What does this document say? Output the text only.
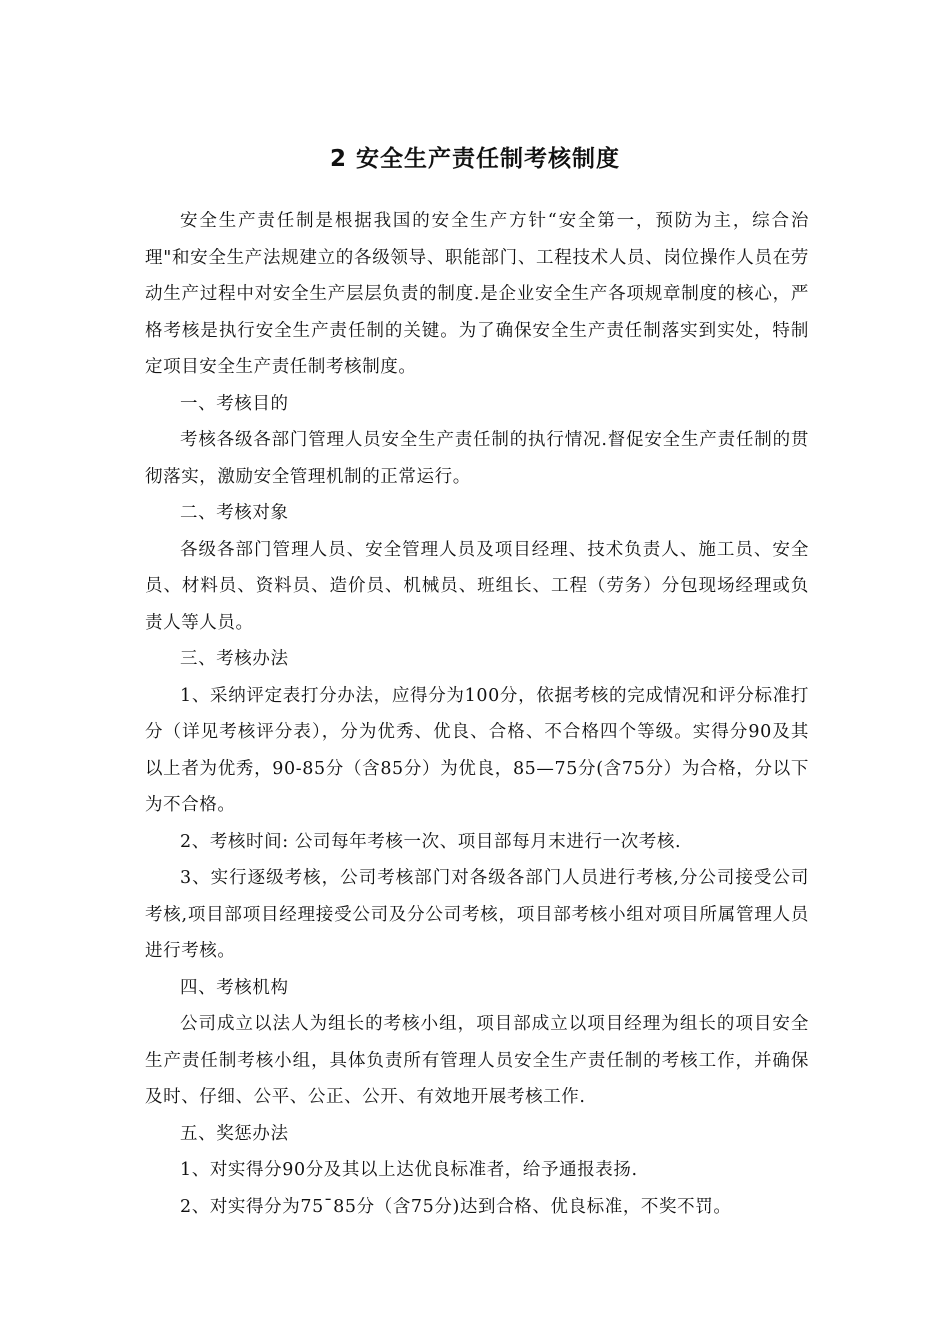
2 安全生产责任制考核制度

安全生产责任制是根据我国的安全生产方针“安全第一，预防为主，综合治理"和安全生产法规建立的各级领导、职能部门、工程技术人员、岗位操作人员在劳动生产过程中对安全生产层层负责的制度.是企业安全生产各项规章制度的核心，严格考核是执行安全生产责任制的关键。为了确保安全生产责任制落实到实处，特制定项目安全生产责任制考核制度。

一、考核目的

考核各级各部门管理人员安全生产责任制的执行情况.督促安全生产责任制的贯彻落实，激励安全管理机制的正常运行。

二、考核对象

各级各部门管理人员、安全管理人员及项目经理、技术负责人、施工员、安全员、材料员、资料员、造价员、机械员、班组长、工程（劳务）分包现场经理或负责人等人员。

三、考核办法

1、采纳评定表打分办法，应得分为100分，依据考核的完成情况和评分标准打分（详见考核评分表），分为优秀、优良、合格、不合格四个等级。实得分90及其以上者为优秀，90-85分（含85分）为优良，85—75分(含75分）为合格，分以下为不合格。

2、考核时间: 公司每年考核一次、项目部每月末进行一次考核.

3、实行逐级考核，公司考核部门对各级各部门人员进行考核,分公司接受公司考核,项目部项目经理接受公司及分公司考核，项目部考核小组对项目所属管理人员进行考核。

四、考核机构

公司成立以法人为组长的考核小组，项目部成立以项目经理为组长的项目安全生产责任制考核小组，具体负责所有管理人员安全生产责任制的考核工作，并确保及时、仔细、公平、公正、公开、有效地开展考核工作.

五、奖惩办法

1、对实得分90分及其以上达优良标准者，给予通报表扬.

2、对实得分为75¯85分（含75分)达到合格、优良标准，不奖不罚。
